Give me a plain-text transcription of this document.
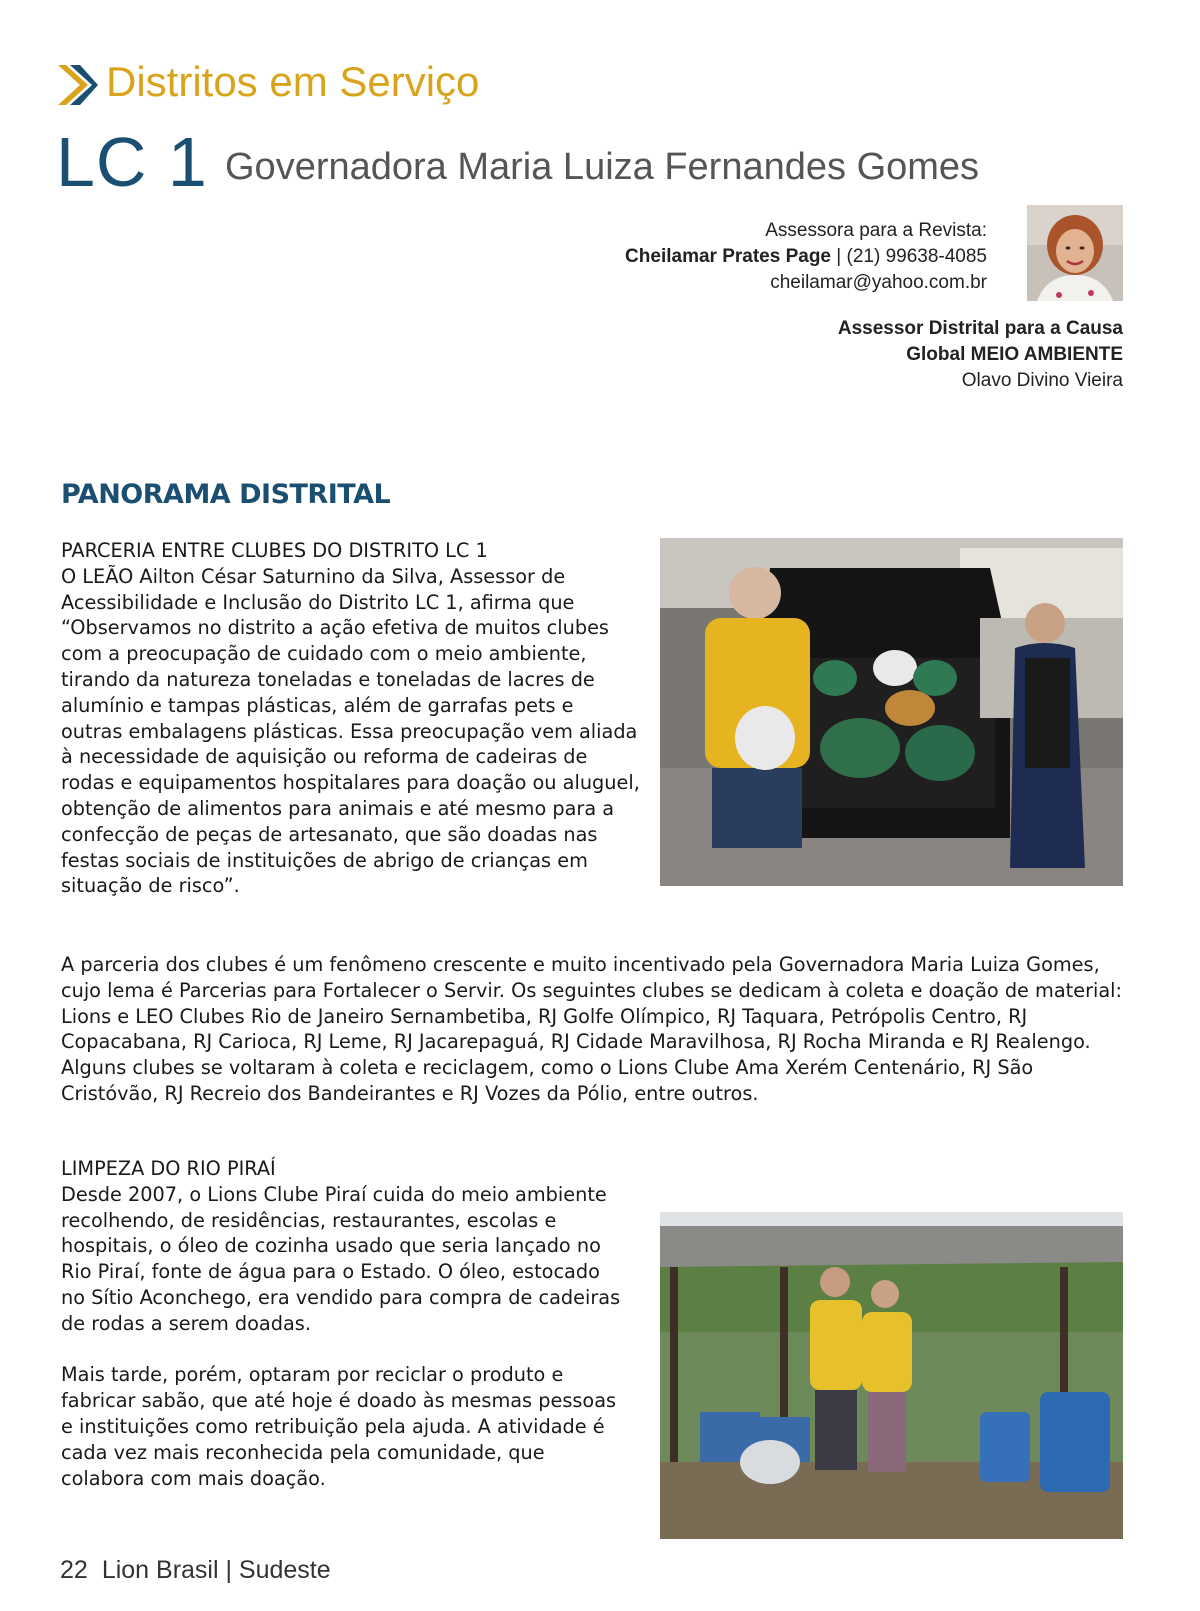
Distritos em Serviço
LC 1 Governadora Maria Luiza Fernandes Gomes
Assessora para a Revista:
Cheilamar Prates Page | (21) 99638-4085
cheilamar@yahoo.com.br
Assessor Distrital para a Causa
Global MEIO AMBIENTE
Olavo Divino Vieira
PANORAMA DISTRITAL

PARCERIA ENTRE CLUBES DO DISTRITO LC 1

O LEÃO Ailton César Saturnino da Silva, Assessor de Acessibilidade e Inclusão do Distrito LC 1, afirma que “Observamos no distrito a ação efetiva de muitos clubes com a preocupação de cuidado com o meio ambiente, tirando da natureza toneladas e toneladas de lacres de alumínio e tampas plásticas, além de garrafas pets e outras embalagens plásticas. Essa preocupação vem aliada à necessidade de aquisição ou reforma de cadeiras de rodas e equipamentos hospitalares para doação ou aluguel, obtenção de alimentos para animais e até mesmo para a confecção de peças de artesanato, que são doadas nas festas sociais de instituições de abrigo de crianças em situação de risco”.

A parceria dos clubes é um fenômeno crescente e muito incentivado pela Governadora Maria Luiza Gomes, cujo lema é Parcerias para Fortalecer o Servir. Os seguintes clubes se dedicam à coleta e doação de material: Lions e LEO Clubes Rio de Janeiro Sernambetiba, RJ Golfe Olímpico, RJ Taquara, Petrópolis Centro, RJ Copacabana, RJ Carioca, RJ Leme, RJ Jacarepaguá, RJ Cidade Maravilhosa, RJ Rocha Miranda e RJ Realengo. Alguns clubes se voltaram à coleta e reciclagem, como o Lions Clube Ama Xerém Centenário, RJ São Cristóvão, RJ Recreio dos Bandeirantes e RJ Vozes da Pólio, entre outros.

LIMPEZA DO RIO PIRAÍ

Desde 2007, o Lions Clube Piraí cuida do meio ambiente recolhendo, de residências, restaurantes, escolas e hospitais, o óleo de cozinha usado que seria lançado no Rio Piraí, fonte de água para o Estado. O óleo, estocado no Sítio Aconchego, era vendido para compra de cadeiras de rodas a serem doadas.

Mais tarde, porém, optaram por reciclar o produto e fabricar sabão, que até hoje é doado às mesmas pessoas e instituições como retribuição pela ajuda. A atividade é cada vez mais reconhecida pela comunidade, que colabora com mais doação.

22 Lion Brasil | Sudeste
